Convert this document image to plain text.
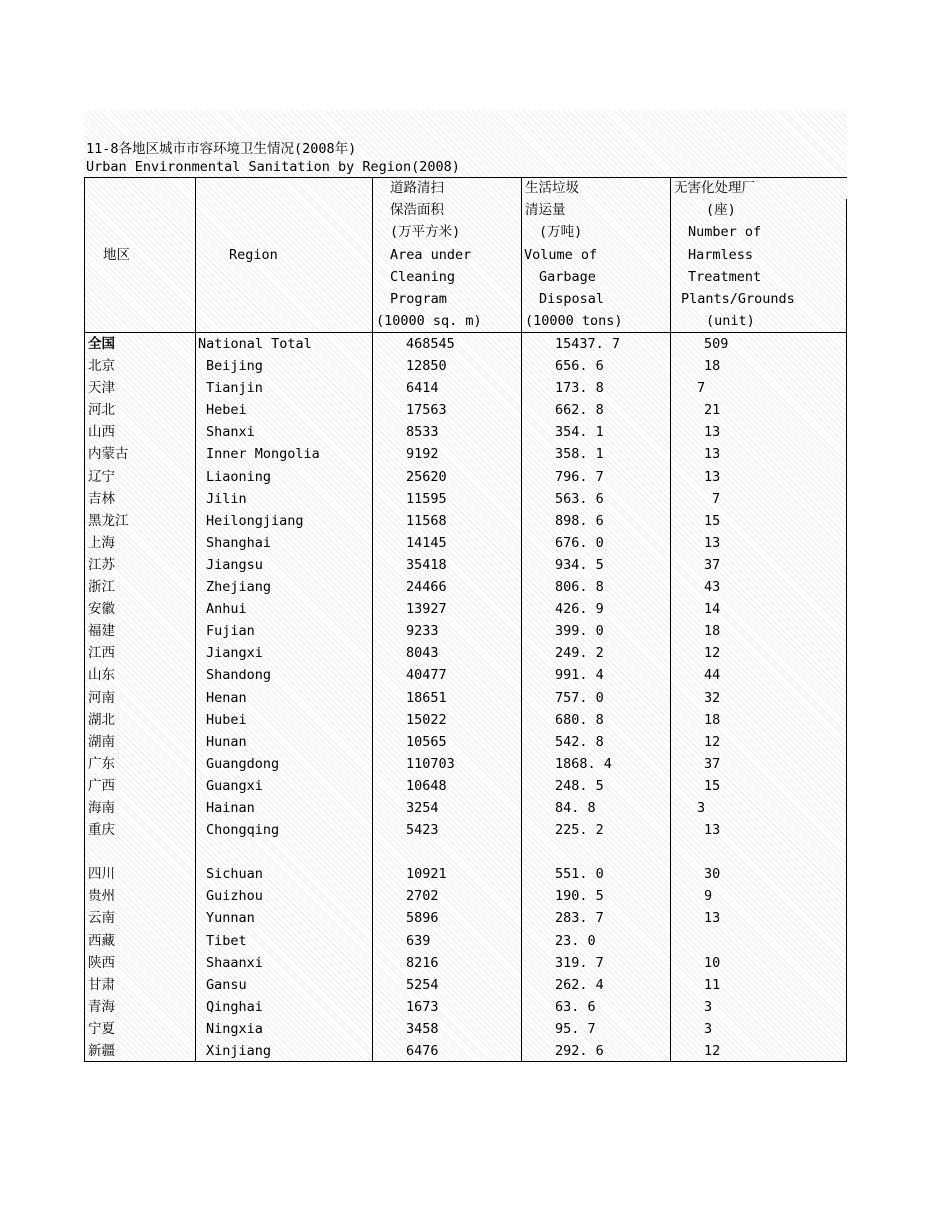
11-8各地区城市市容环境卫生情况(2008年)
Urban Environmental Sanitation by Region(2008)
地区	Region
道路清扫
保浩面积
(万平方米)
Area under
Cleaning
Program
(10000 sq. m)
生活垃圾
清运量
(万吨)
Volume of
Garbage
Disposal
(10000 tons)
无害化处理厂
(座)
Number of
Harmless
Treatment
Plants/Grounds
(unit)
全国	National Total	468545	15437. 7	509
北京	Beijing	12850	656. 6	18
天津	Tianjin	6414	173. 8	7
河北	Hebei	17563	662. 8	21
山西	Shanxi	8533	354. 1	13
内蒙古	Inner Mongolia	9192	358. 1	13
辽宁	Liaoning	25620	796. 7	13
吉林	Jilin	11595	563. 6	7
黑龙江	Heilongjiang	11568	898. 6	15
上海	Shanghai	14145	676. 0	13
江苏	Jiangsu	35418	934. 5	37
浙江	Zhejiang	24466	806. 8	43
安徽	Anhui	13927	426. 9	14
福建	Fujian	9233	399. 0	18
江西	Jiangxi	8043	249. 2	12
山东	Shandong	40477	991. 4	44
河南	Henan	18651	757. 0	32
湖北	Hubei	15022	680. 8	18
湖南	Hunan	10565	542. 8	12
广东	Guangdong	110703	1868. 4	37
广西	Guangxi	10648	248. 5	15
海南	Hainan	3254	84. 8	3
重庆	Chongqing	5423	225. 2	13
四川	Sichuan	10921	551. 0	30
贵州	Guizhou	2702	190. 5	9
云南	Yunnan	5896	283. 7	13
西藏	Tibet	639	23. 0
陕西	Shaanxi	8216	319. 7	10
甘肃	Gansu	5254	262. 4	11
青海	Qinghai	1673	63. 6	3
宁夏	Ningxia	3458	95. 7	3
新疆	Xinjiang	6476	292. 6	12
